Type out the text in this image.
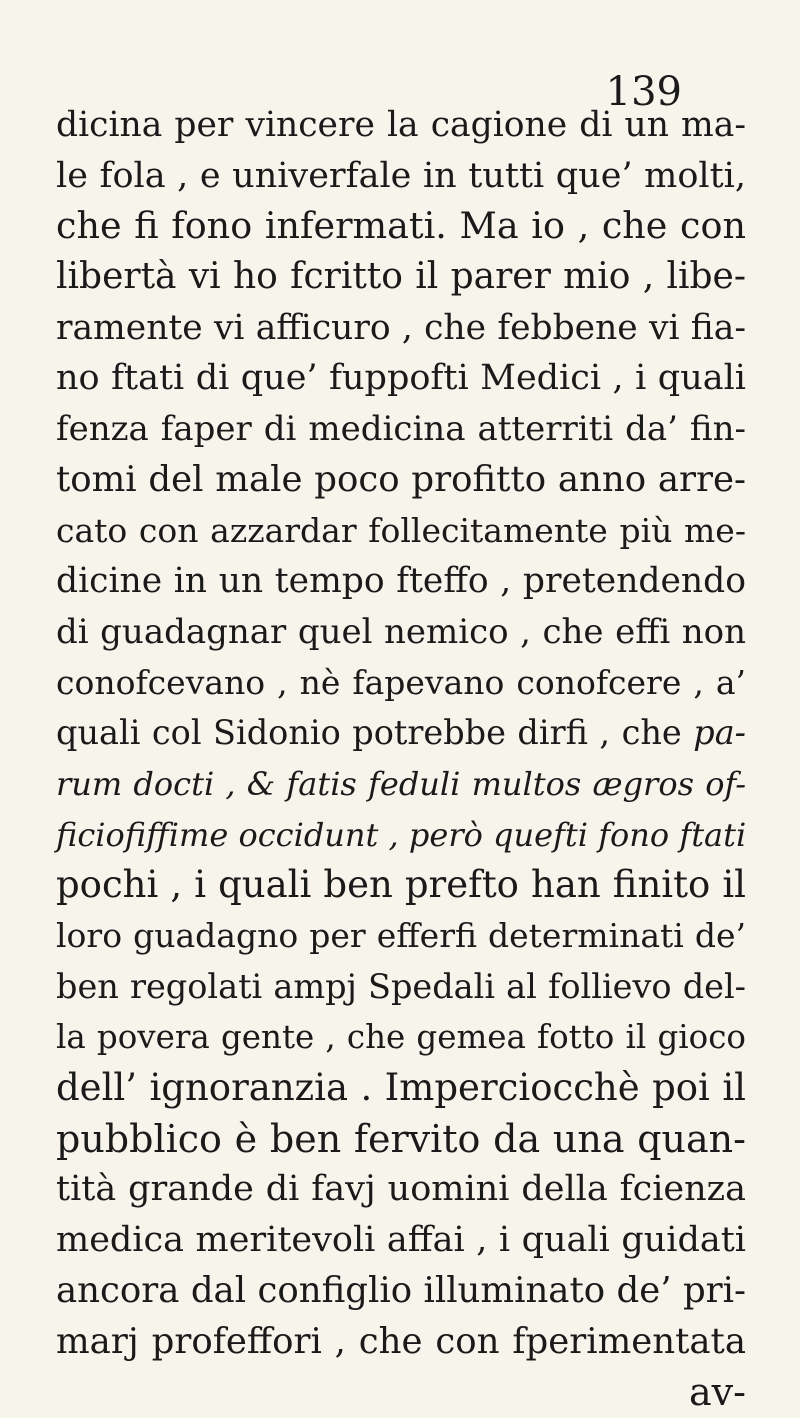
139
dicina per vincere la cagione di un ma-
le fola , e univerfale in tutti que’ molti,
che fi fono infermati. Ma io , che con
libertà vi ho fcritto il parer mio , libe-
ramente vi afficuro , che febbene vi fia-
no ftati di que’ fuppofti Medici , i quali
fenza faper di medicina atterriti da’ fin-
tomi del male poco profitto anno arre-
cato con azzardar follecitamente più me-
dicine in un tempo fteffo , pretendendo
di guadagnar quel nemico , che effi non
conofcevano , nè fapevano conofcere , a’
quali col Sidonio potrebbe dirfi , che pa-
rum docti , & fatis feduli multos ægros of-
ficiofiffime occidunt , però quefti fono ftati
pochi , i quali ben prefto han finito il
loro guadagno per efferfi determinati de’
ben regolati ampj Spedali al follievo del-
la povera gente , che gemea fotto il gioco
dell’ ignoranzia . Imperciocchè poi il
pubblico è ben fervito da una quan-
tità grande di favj uomini della fcienza
medica meritevoli affai , i quali guidati
ancora dal configlio illuminato de’ pri-
marj profeffori , che con fperimentata
av-
